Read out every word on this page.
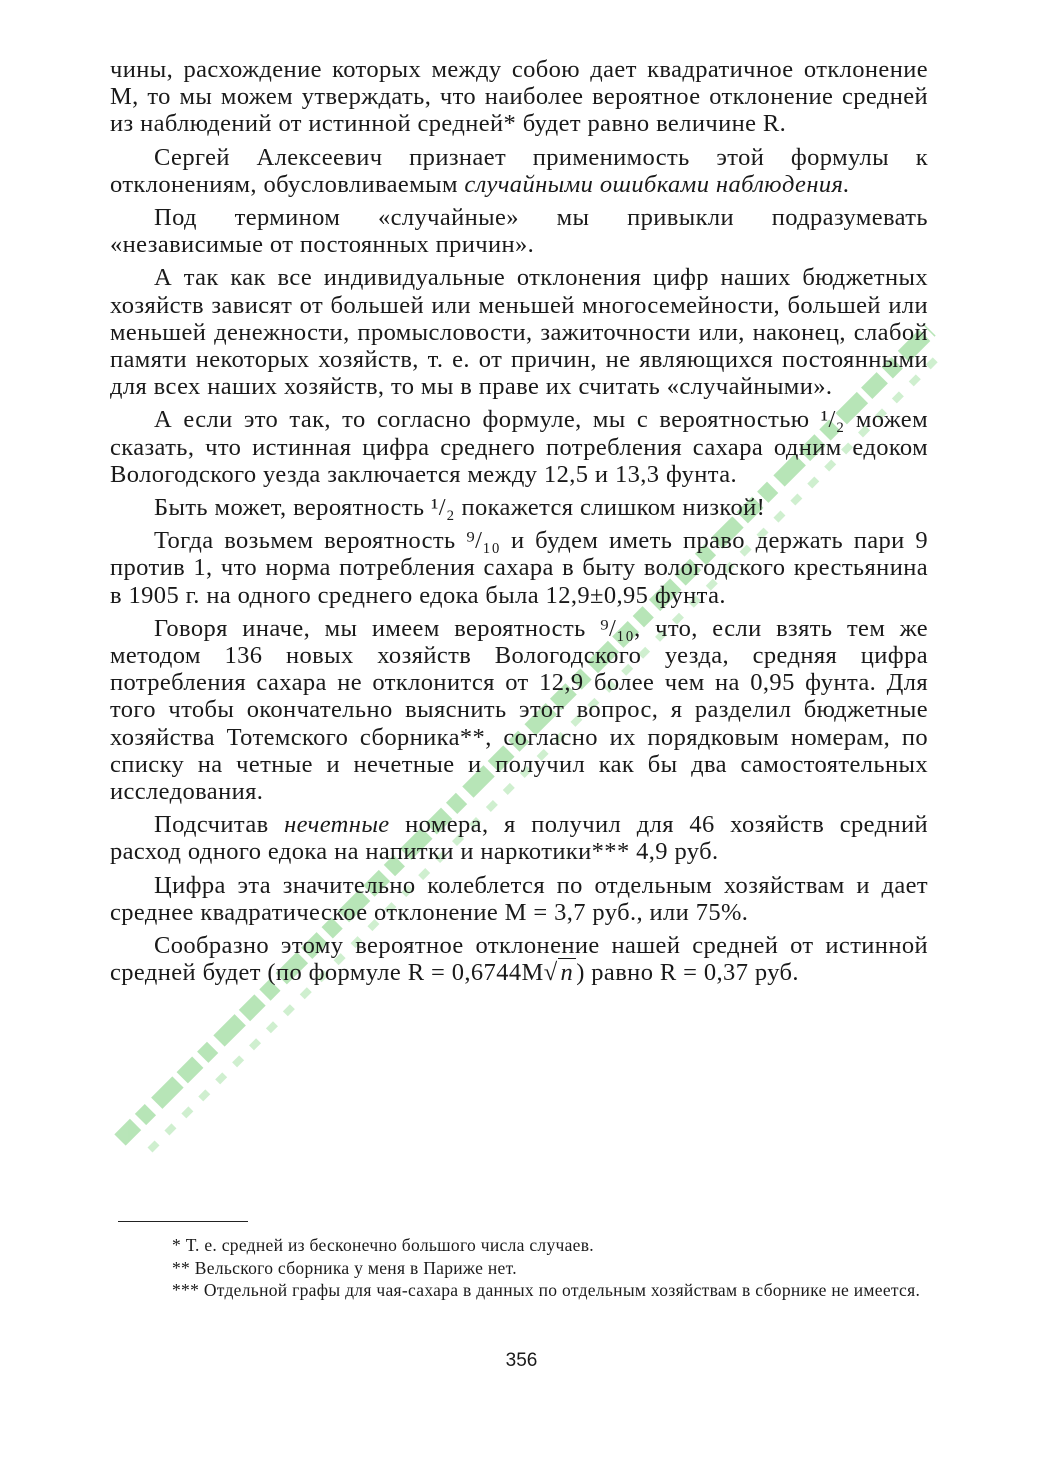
чины, расхождение которых между собою дает квадратичное отклонение М, то мы можем утверждать, что наиболее вероятное отклонение средней из наблюдений от истинной средней* будет равно величине R.

Сергей Алексеевич признает применимость этой формулы к отклонениям, обусловливаемым случайными ошибками наблюдения.

Под термином «случайные» мы привыкли подразумевать «независимые от постоянных причин».

А так как все индивидуальные отклонения цифр наших бюджетных хозяйств зависят от большей или меньшей многосемейности, большей или меньшей денежности, промысловости, зажиточности или, наконец, слабой памяти некоторых хозяйств, т. е. от причин, не являющихся постоянными для всех наших хозяйств, то мы в праве их считать «случайными».

А если это так, то согласно формуле, мы с вероятностью ¹/₂ можем сказать, что истинная цифра среднего потребления сахара одним едоком Вологодского уезда заключается между 12,5 и 13,3 фунта.

Быть может, вероятность ¹/₂ покажется слишком низкой!

Тогда возьмем вероятность ⁹/₁₀ и будем иметь право держать пари 9 против 1, что норма потребления сахара в быту вологодского крестьянина в 1905 г. на одного среднего едока была 12,9±0,95 фунта.

Говоря иначе, мы имеем вероятность ⁹/₁₀, что, если взять тем же методом 136 новых хозяйств Вологодского уезда, средняя цифра потребления сахара не отклонится от 12,9 более чем на 0,95 фунта. Для того чтобы окончательно выяснить этот вопрос, я разделил бюджетные хозяйства Тотемского сборника**, согласно их порядковым номерам, по списку на четные и нечетные и получил как бы два самостоятельных исследования.

Подсчитав нечетные номера, я получил для 46 хозяйств средний расход одного едока на напитки и наркотики*** 4,9 руб.

Цифра эта значительно колеблется по отдельным хозяйствам и дает среднее квадратическое отклонение М = 3,7 руб., или 75%.

Сообразно этому вероятное отклонение нашей средней от истинной средней будет (по формуле R = 0,6744M√ n ) равно R = 0,37 руб.

* Т. е. средней из бесконечно большого числа случаев.

** Вельского сборника у меня в Париже нет.

*** Отдельной графы для чая-сахара в данных по отдельным хозяйствам в сборнике не имеется.

356
